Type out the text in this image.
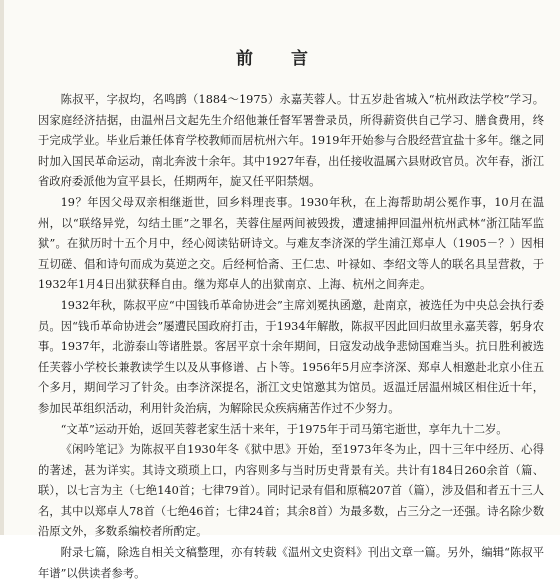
前 言

陈叔平，字叔均，名鸣鹍（1884～1975）永嘉芙蓉人。廿五岁赴省城入“杭州政法学校”学习。因家庭经济拮据，由温州吕文起先生介绍他兼任督军署誊录员，所得薪资供自己学习、膳食费用，终于完成学业。毕业后兼任体育学校教师而居杭州六年。1919年开始参与合股经营宜盐十多年。继之同时加入国民革命运动，南北奔波十余年。其中1927年春，出任接收温属六县财政官员。次年春，浙江省政府委派他为宣平县长，任期两年，旋又任平阳禁烟。

19？年因父母双亲相继逝世，回乡料理丧事。1930年秋，在上海帮助胡公冕作事，10月在温州，以“联络异党，勾结土匪”之罪名，芙蓉住屋两间被毁拨，遭逮捕押回温州杭州武林“浙江陆军监狱”。在狱历时十五个月中，经心阅读钻研诗文。与难友李济深的学生浦江郑卓人（1905－？）因相互切磋、倡和诗句而成为莫逆之交。后经柯恰斋、王仁忠、叶禄如、李绍文等人的联名具呈营救，于1932年1月4日出狱获释自由。继为郑卓人的出狱南京、上海、杭州之间奔走。

1932年秋，陈叔平应“中国钱币革命协进会”主席刘冕执函邀，赴南京，被选任为中央总会执行委员。因“钱币革命协进会”屡遭民国政府打击，于1934年解散，陈叔平因此回归故里永嘉芙蓉，躬身农事。1937年，北游泰山等诸胜景。客居平京十余年期间，日寇发动战争悲恸国难当头。抗日胜利被选任芙蓉小学校长兼教读学生以及从事修谱、占卜等。1956年5月应李济深、郑卓人相邀赴北京小住五个多月，期间学习了针灸。由李济深提名，浙江文史馆邀其为馆员。返温迁居温州城区相住近十年，参加民革组织活动，利用针灸治病，为解除民众疾病痛苦作过不少努力。

“文革”运动开始，返回芙蓉老家生活十来年，于1975年于司马第宅逝世，享年九十二岁。

《闲吟笔记》为陈叔平自1930年冬《狱中思》开始，至1973年冬为止，四十三年中经历、心得的著述，甚为详实。其诗文琐琐上口，内容则多与当时历史背景有关。共计有184日260余首（篇、联），以七言为主（七绝140首；七律79首）。同时记录有倡和原稿207首（篇），涉及倡和者五十三人名，其中以郑卓人78首（七绝46首；七律24首；其余8首）为最多数，占三分之一还强。诗名除少数沿原文外，多数系编校者所酌定。

附录七篇，除选自相关文稿整理，亦有转载《温州文史资料》刊出文章一篇。另外，编辑“陈叔平年谱”以供读者参考。
